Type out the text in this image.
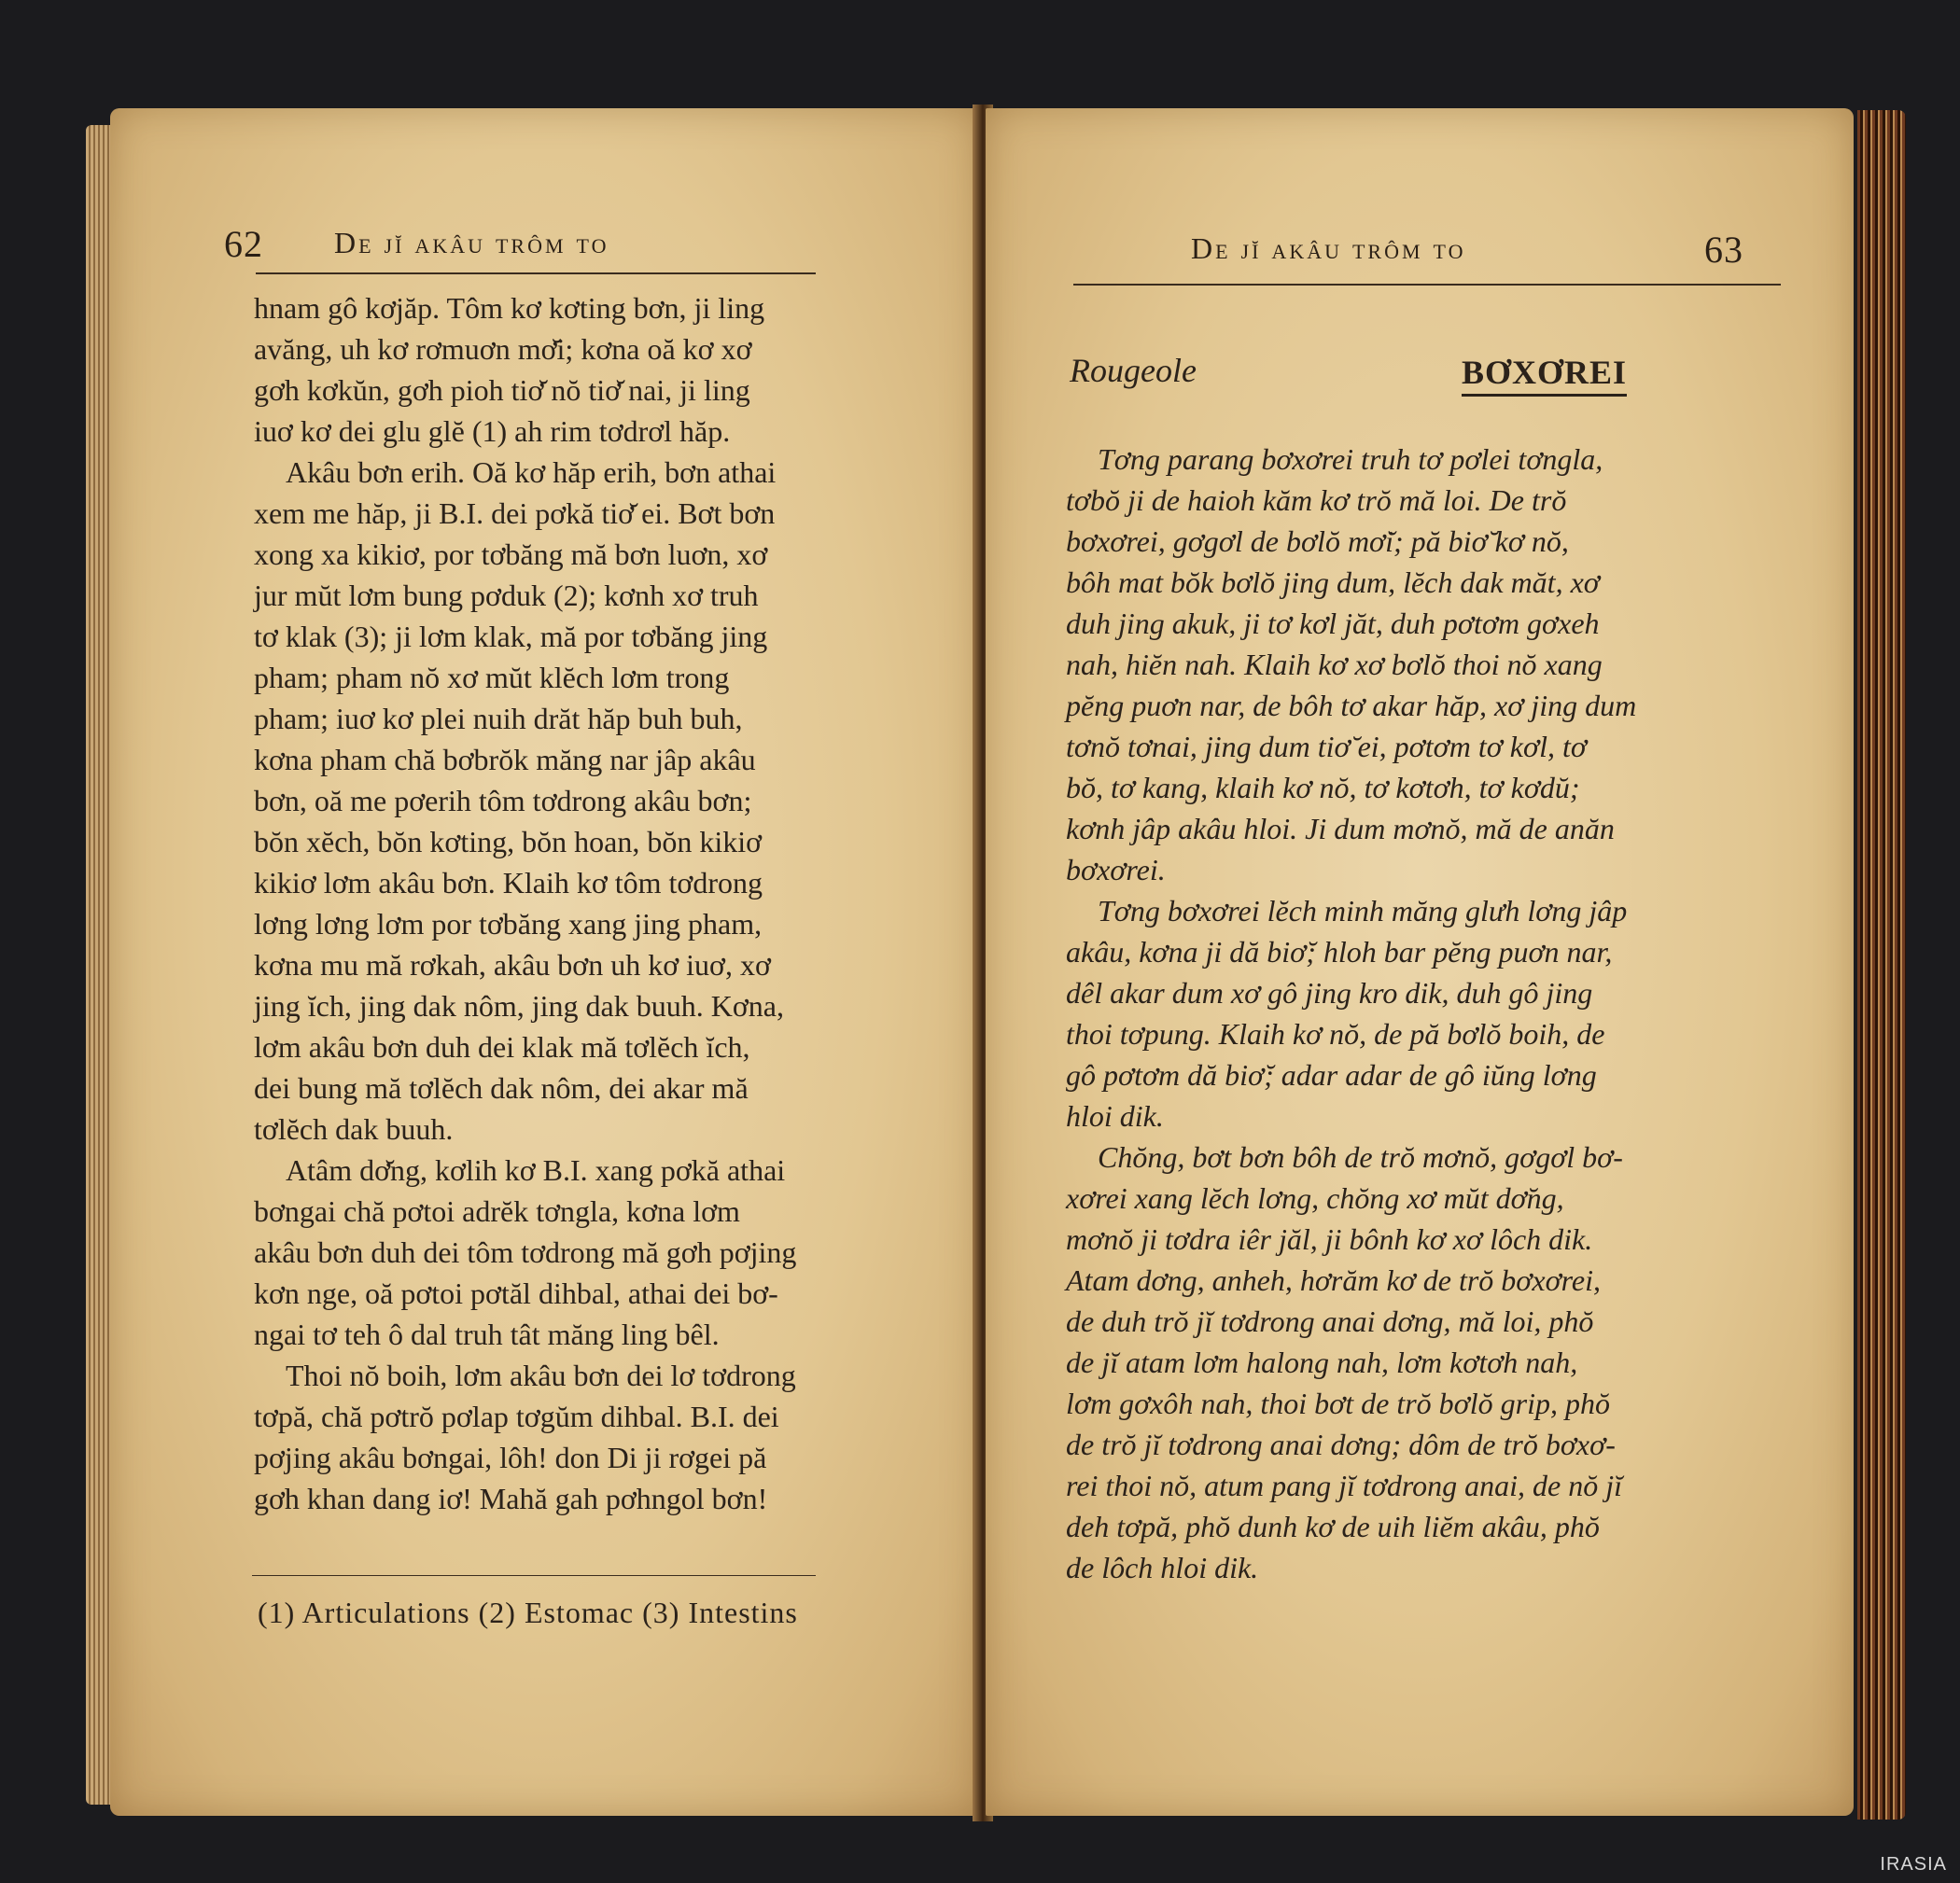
62 De jĭ akâu trôm to

hnam gô kơjăp. Tôm kơ kơting bơn, ji ling
avăng, uh kơ rơmuơn mơ̆i; kơna oă kơ xơ
gơh kơkŭn, gơh pioh tiơ̆ nŏ tiơ̆ nai, ji ling
iuơ kơ dei glu glĕ (1) ah rim tơdrơl hăp.

Akâu bơn erih. Oă kơ hăp erih, bơn athai
xem me hăp, ji B.I. dei pơkă tiơ̆ ei. Bơt bơn
xong xa kikiơ, por tơbăng mă bơn luơn, xơ
jur mŭt lơm bung pơduk (2); kơnh xơ truh
tơ klak (3); ji lơm klak, mă por tơbăng jing
pham; pham nŏ xơ mŭt klĕch lơm trong
pham; iuơ kơ plei nuih drăt hăp buh buh,
kơna pham chă bơbrŏk măng nar jâp akâu
bơn, oă me pơerih tôm tơdrong akâu bơn;
bŏn xĕch, bŏn kơting, bŏn hoan, bŏn kikiơ
kikiơ lơm akâu bơn. Klaih kơ tôm tơdrong
lơng lơng lơm por tơbăng xang jing pham,
kơna mu mă rơkah, akâu bơn uh kơ iuơ, xơ
jing ĭch, jing dak nôm, jing dak buuh. Kơna,
lơm akâu bơn duh dei klak mă tơlĕch ĭch,
dei bung mă tơlĕch dak nôm, dei akar mă
tơlĕch dak buuh.

Atâm dơ̆ng, kơlih kơ B.I. xang pơkă athai
bơngai chă pơtoi adrĕk tơngla, kơna lơm
akâu bơn duh dei tôm tơdrong mă gơh pơjing
kơn nge, oă pơtoi pơtăl dihbal, athai dei bơ-
ngai tơ teh ô dal truh tât măng ling bêl.

Thoi nŏ boih, lơm akâu bơn dei lơ tơdrong
tơpă, chă pơtrŏ pơlap tơgŭm dihbal. B.I. dei
pơjing akâu bơngai, lôh! don Di ji rơgei pă
gơh khan dang iơ! Mahă gah pơhngol bơn!

(1) Articulations (2) Estomac (3) Intestins
De jĭ akâu trôm to	63
Rougeole	BƠXƠREI

Tơng parang bơxơrei truh tơ pơlei tơngla,
tơbŏ ji de haioh kăm kơ trŏ mă loi. De trŏ
bơxơrei, gơgơl de bơlŏ mơ̆i; pă biơ̆ kơ nŏ,
bôh mat bŏk bơlŏ jing dum, lĕch dak măt, xơ
duh jing akuk, ji tơ kơl jăt, duh pơtơm gơxeh
nah, hiĕn nah. Klaih kơ xơ bơlŏ thoi nŏ xang
pĕng puơn nar, de bôh tơ akar hăp, xơ jing dum
tơnŏ tơnai, jing dum tiơ̆ ei, pơtơm tơ kơl, tơ
bŏ, tơ kang, klaih kơ nŏ, tơ kơtơh, tơ kơdŭ;
kơnh jâp akâu hloi. Ji dum mơnŏ, mă de anăn
bơxơrei.

Tơng bơxơrei lĕch minh măng glưh lơng jâp
akâu, kơna ji dă biơ̆; hloh bar pĕng puơn nar,
dêl akar dum xơ gô jing kro dik, duh gô jing
thoi tơpung. Klaih kơ nŏ, de pă bơlŏ boih, de
gô pơtơm dă biơ̆; adar adar de gô iŭng lơng
hloi dik.

Chŏng, bơt bơn bôh de trŏ mơnŏ, gơgơl bơ-
xơrei xang lĕch lơng, chŏng xơ mŭt dơ̆ng,
mơnŏ ji tơdra iêr jăl, ji bônh kơ xơ lôch dik.
Atam dơng, anheh, hơrăm kơ de trŏ bơxơrei,
de duh trŏ jĭ tơdrong anai dơng, mă loi, phŏ
de jĭ atam lơm halong nah, lơm kơtơh nah,
lơm gơxôh nah, thoi bơt de trŏ bơlŏ grip, phŏ
de trŏ jĭ tơdrong anai dơng; dôm de trŏ bơxơ-
rei thoi nŏ, atum pang jĭ tơdrong anai, de nŏ jĭ
deh tơpă, phŏ dunh kơ de uih liĕm akâu, phŏ
de lôch hloi dik.

IRASIA
